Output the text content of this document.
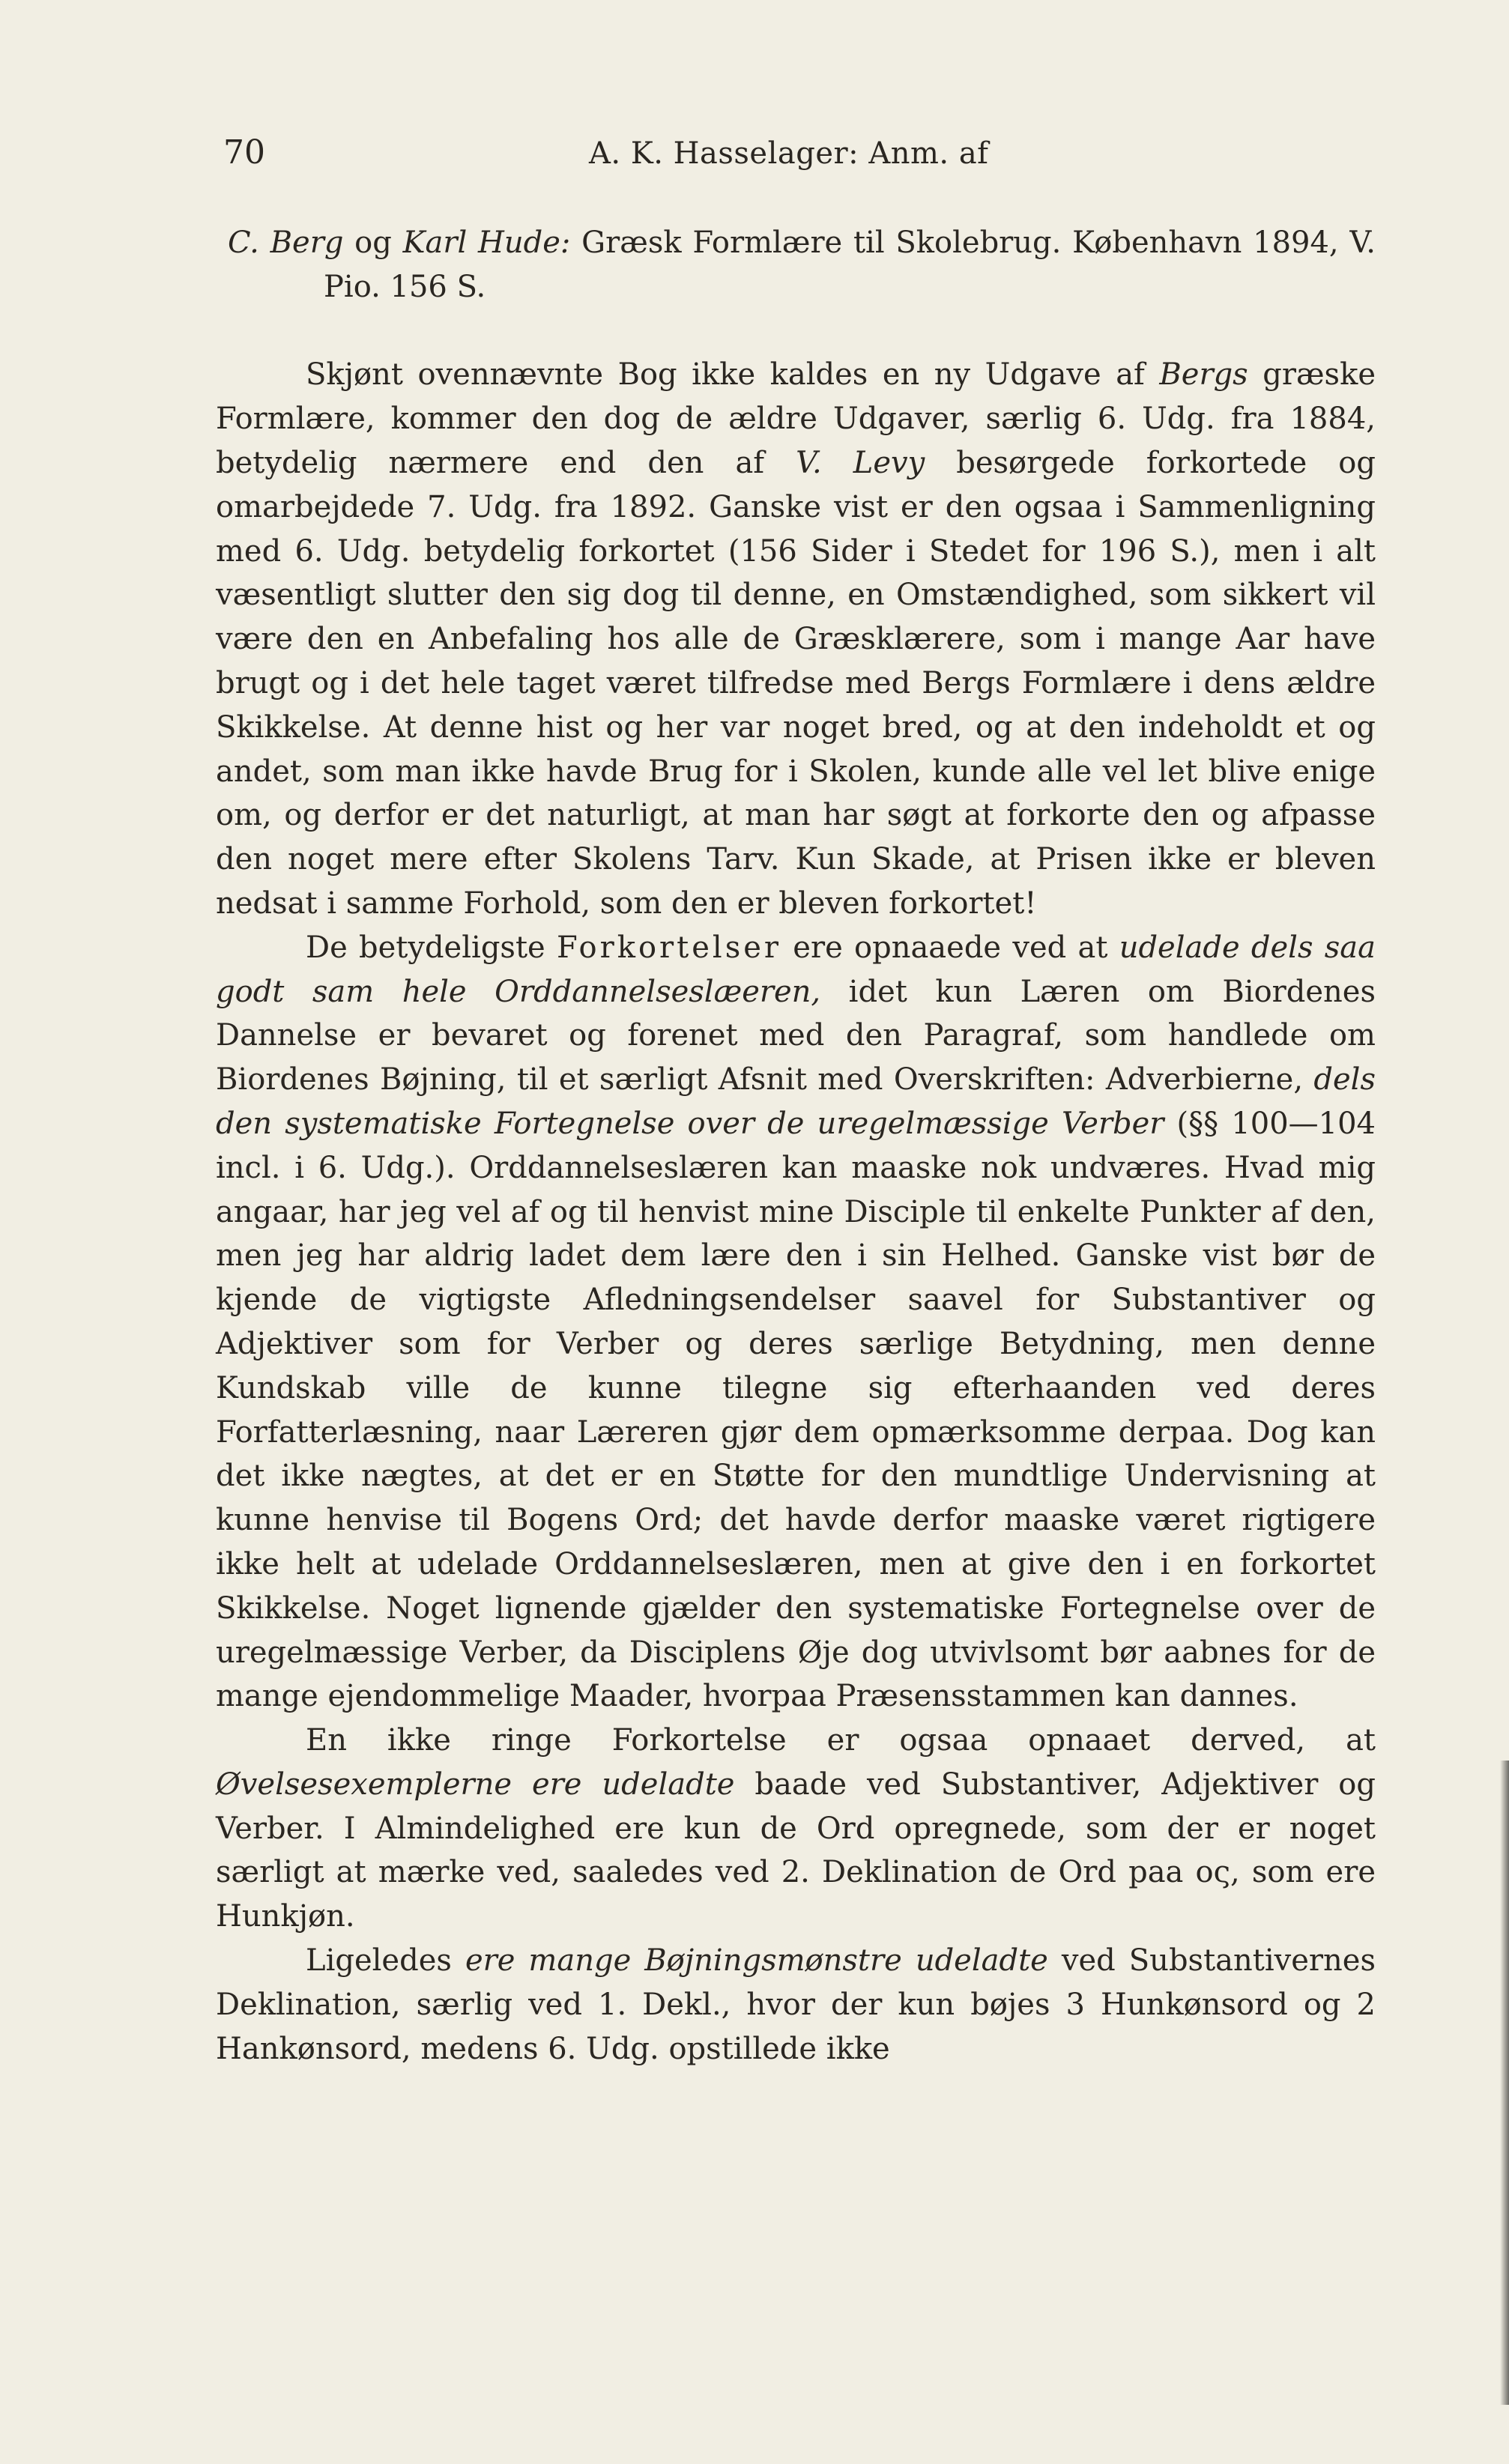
70	A. K. Hasselager: Anm. af
C. Berg og Karl Hude: Græsk Formlære til Skolebrug. København 1894, V. Pio. 156 S.

Skjønt ovennævnte Bog ikke kaldes en ny Udgave af Bergs græske Formlære, kommer den dog de ældre Udgaver, særlig 6. Udg. fra 1884, betydelig nærmere end den af V. Levy besørgede forkortede og omarbejdede 7. Udg. fra 1892. Ganske vist er den ogsaa i Sammenligning med 6. Udg. betydelig forkortet (156 Sider i Stedet for 196 S.), men i alt væsentligt slutter den sig dog til denne, en Omstændighed, som sikkert vil være den en Anbefaling hos alle de Græsklærere, som i mange Aar have brugt og i det hele taget været tilfredse med Bergs Formlære i dens ældre Skikkelse. At denne hist og her var noget bred, og at den indeholdt et og andet, som man ikke havde Brug for i Skolen, kunde alle vel let blive enige om, og derfor er det naturligt, at man har søgt at forkorte den og afpasse den noget mere efter Skolens Tarv. Kun Skade, at Prisen ikke er bleven nedsat i samme Forhold, som den er bleven forkortet!

De betydeligste Forkortelser ere opnaaede ved at udelade dels saa godt sam hele Orddannelseslæeren, idet kun Læren om Biordenes Dannelse er bevaret og forenet med den Paragraf, som handlede om Biordenes Bøjning, til et særligt Afsnit med Overskriften: Adverbierne, dels den systematiske Fortegnelse over de uregelmæssige Verber (§§ 100—104 incl. i 6. Udg.). Orddannelseslæren kan maaske nok undværes. Hvad mig angaar, har jeg vel af og til henvist mine Disciple til enkelte Punkter af den, men jeg har aldrig ladet dem lære den i sin Helhed. Ganske vist bør de kjende de vigtigste Afledningsendelser saavel for Substantiver og Adjektiver som for Verber og deres særlige Betydning, men denne Kundskab ville de kunne tilegne sig efterhaanden ved deres Forfatterlæsning, naar Læreren gjør dem opmærksomme derpaa. Dog kan det ikke nægtes, at det er en Støtte for den mundtlige Undervisning at kunne henvise til Bogens Ord; det havde derfor maaske været rigtigere ikke helt at udelade Orddannelseslæren, men at give den i en forkortet Skikkelse. Noget lignende gjælder den systematiske Fortegnelse over de uregelmæssige Verber, da Disciplens Øje dog utvivlsomt bør aabnes for de mange ejendommelige Maader, hvorpaa Præsensstammen kan dannes.

En ikke ringe Forkortelse er ogsaa opnaaet derved, at Øvelsesexemplerne ere udeladte baade ved Substantiver, Adjektiver og Verber. I Almindelighed ere kun de Ord opregnede, som der er noget særligt at mærke ved, saaledes ved 2. Deklination de Ord paa ος, som ere Hunkjøn.

Ligeledes ere mange Bøjningsmønstre udeladte ved Substantivernes Deklination, særlig ved 1. Dekl., hvor der kun bøjes 3 Hunkønsord og 2 Hankønsord, medens 6. Udg. opstillede ikke
